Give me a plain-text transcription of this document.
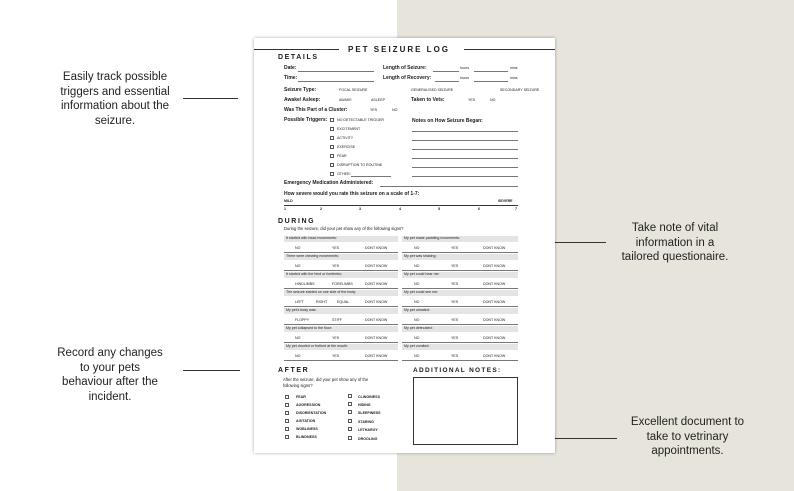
Easily track possible
triggers and essential
information about the
seizure.
Take note of vital
information in a
tailored questionaire.
Record any changes
to your pets
behaviour after the
incident.
Excellent document to
take to vetrinary
appointments.
PET SEIZURE LOG
DETAILS
Date:
Time:
Length of Seizure:	hours	mins
Length of Recovery:	hours	mins
Seizure Type:	FOCAL SEIZURE	GENERALISED SEIZURE	SECONDARY SEIZURE
Awake/ Asleep:	AWAKE	ASLEEP	Taken to Vets:	YES	NO
Was This Part of a Cluster:	YES	NO
Possible Triggers:	NO DETECTABLE TRIGGER
EXCITEMENT
ACTIVITY
EXERCISE
FEAR
DISRUPTION TO ROUTINE
OTHER:
Notes on How Seizure Began:
Emergency Medication Administered:
How severe would you rate this seizure on a scale of 1-7:
MILD	SEVERE
1	2	3	4	5	6	7
DURING
During the seizure, did your pet show any of the following signs?
It started with head movements:
NO	YES	DONT KNOW
There were chewing movements:
NO	YES	DONT KNOW
It started with the hind or forelimbs:
HINDLIMBS	FORELIMBS	DONT KNOW
The seizure started on one side of the body:
LEFT	RIGHT	EQUAL	DONT KNOW
My pet's body was:
FLOPPY	STIFF	DONT KNOW
My pet collapsed to the floor:
NO	YES	DONT KNOW
My pet drooled or frothed at the mouth:
NO	YES	DONT KNOW
My pet made paddling movements:
NO	YES	DONT KNOW
My pet was shaking:
NO	YES	DONT KNOW
My pet could hear me:
NO	YES	DONT KNOW
My pet could see me:
NO	YES	DONT KNOW
My pet urinated:
NO	YES	DONT KNOW
My pet defecated:
NO	YES	DONT KNOW
My pet vomited:
NO	YES	DONT KNOW
AFTER
After the seizure, did your pet show any of the
following signs?
FEAR
AGGRESSION
DISORIENTATION
AGITATION
WOBLINESS
BLINDNESS
CLINGINESS
HIDING
SLEEPINESS
STARING
LETHARGY
DROOLING
ADDITIONAL NOTES:
